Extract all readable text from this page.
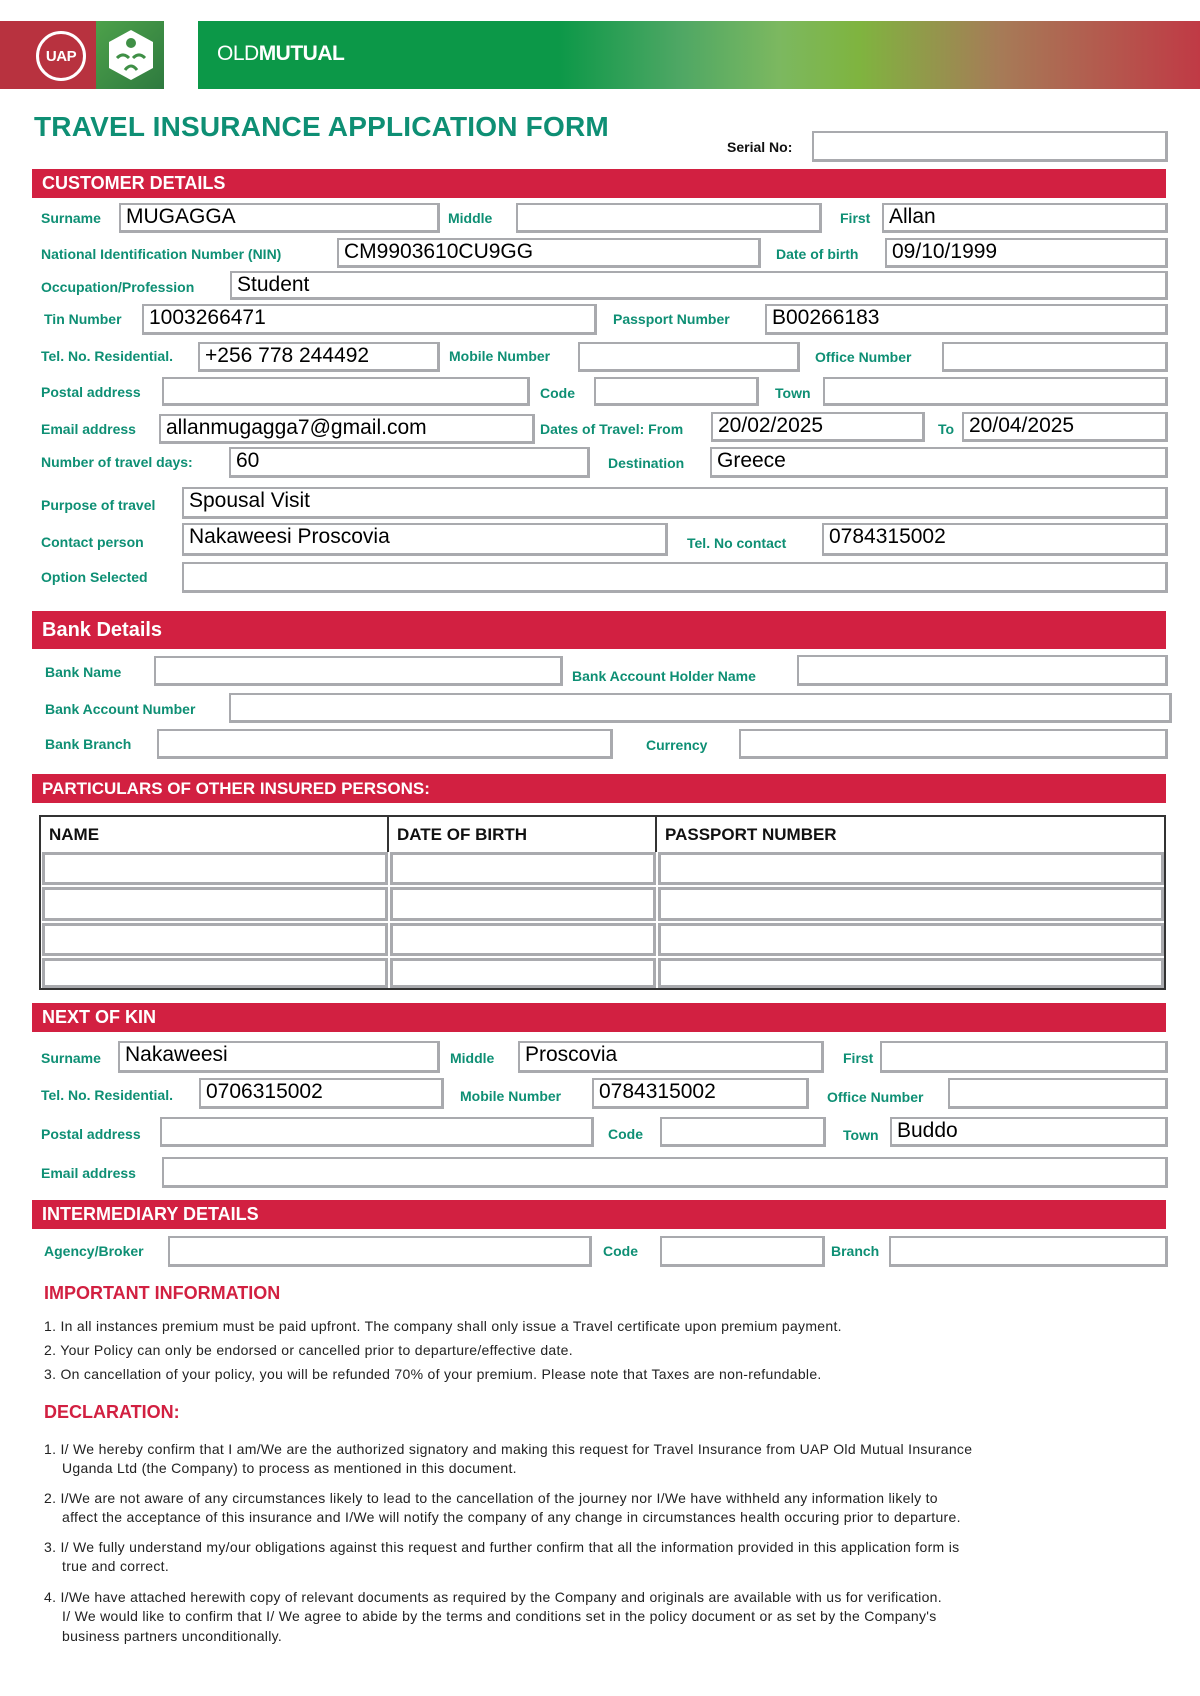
UAP	OLDMUTUAL
TRAVEL INSURANCE APPLICATION FORM
Serial No:
CUSTOMER DETAILS
Surname	MUGAGGA	Middle	First Allan
National Identification Number (NIN)	CM9903610CU9GG	Date of birth	09/10/1999
Occupation/Profession	Student
Tin Number	1003266471	Passport Number	B00266183
Tel. No. Residential.	+256 778 244492	Mobile Number	Office Number
Postal address	Code	Town
Email address	allanmugagga7@gmail.com	Dates of Travel: From	20/02/2025	To 20/04/2025
Number of travel days:	60	Destination	Greece
Purpose of travel	Spousal Visit
Contact person	Nakaweesi Proscovia	Tel. No contact	0784315002
Option Selected
Bank Details
Bank Name	Bank Account Holder Name
Bank Account Number
Bank Branch	Currency
PARTICULARS OF OTHER INSURED PERSONS:
NAME	DATE OF BIRTH	PASSPORT NUMBER
NEXT OF KIN
Surname	Nakaweesi	Middle	Proscovia	First
Tel. No. Residential.	0706315002	Mobile Number	0784315002	Office Number
Postal address	Code	Town Buddo
Email address
INTERMEDIARY DETAILS
Agency/Broker	Code	Branch
IMPORTANT INFORMATION
1. In all instances premium must be paid upfront. The company shall only issue a Travel certificate upon premium payment.
2. Your Policy can only be endorsed or cancelled prior to departure/effective date.
3. On cancellation of your policy, you will be refunded 70% of your premium. Please note that Taxes are non-refundable.
DECLARATION:
1. I/ We hereby confirm that I am/We are the authorized signatory and making this request for Travel Insurance from UAP Old Mutual Insurance
Uganda Ltd (the Company) to process as mentioned in this document.
2. I/We are not aware of any circumstances likely to lead to the cancellation of the journey nor I/We have withheld any information likely to
affect the acceptance of this insurance and I/We will notify the company of any change in circumstances health occuring prior to departure.
3. I/ We fully understand my/our obligations against this request and further confirm that all the information provided in this application form is
true and correct.
4. I/We have attached herewith copy of relevant documents as required by the Company and originals are available with us for verification.
I/ We would like to confirm that I/ We agree to abide by the terms and conditions set in the policy document or as set by the Company's
business partners unconditionally.
